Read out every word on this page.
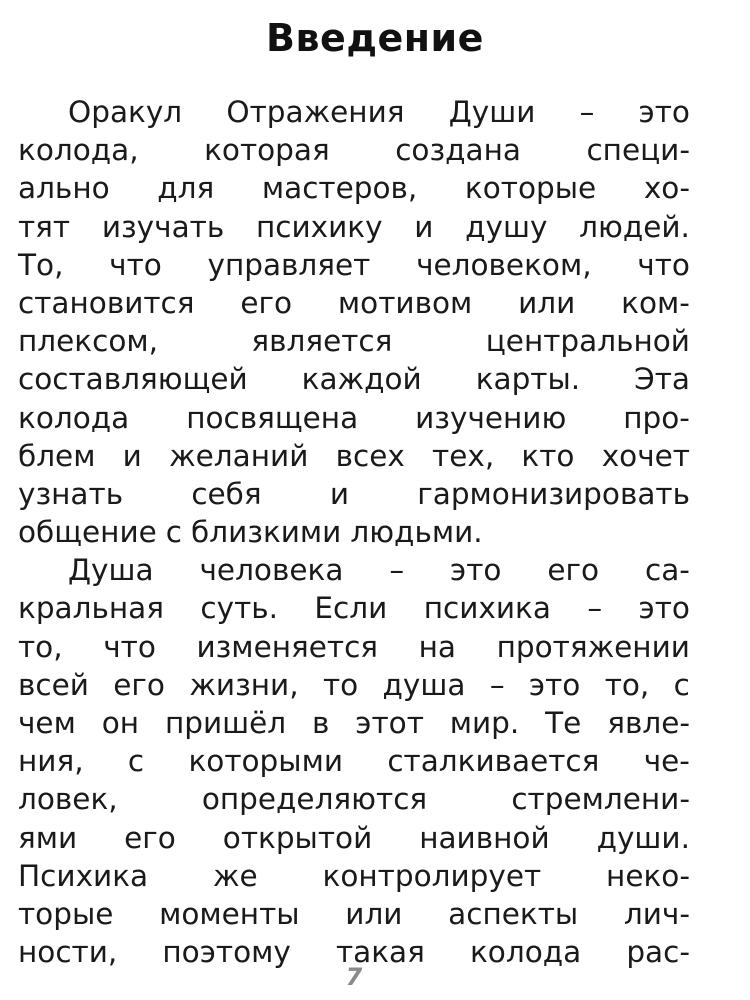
Введение
Оракул Отражения Души – это
колода, которая создана специ-
ально для мастеров, которые хо-
тят изучать психику и душу людей.
То, что управляет человеком, что
становится его мотивом или ком-
плексом,	является	центральной
составляющей каждой карты. Эта
колода посвящена изучению про-
блем и желаний всех тех, кто хочет
узнать себя и гармонизировать
общение с близкими людьми.
Душа человека – это его са-
кральная суть. Если психика – это
то, что изменяется на протяжении
всей его жизни, то душа – это то, с
чем он пришёл в этот мир. Те явле-
ния, с которыми сталкивается че-
ловек,	определяются	стремлени-
ями его открытой наивной души.
Психика же контролирует неко-
торые моменты или аспекты лич-
ности, поэтому такая колода рас-
7
